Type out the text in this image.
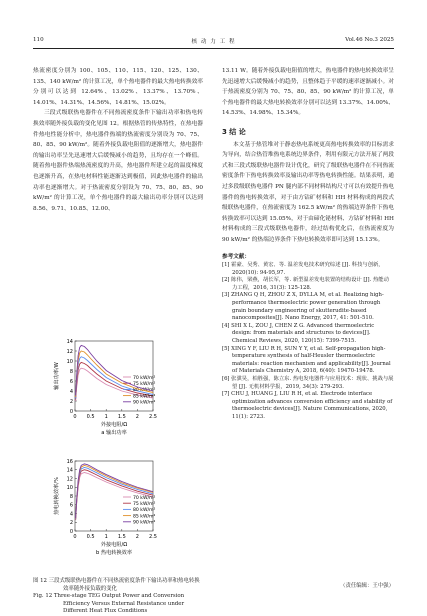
110	核 动 力 工 程	Vol.46 No.3 2025

热流密度分别为 100、105、110、115、120、125、130、135、140 kW/m² 的计算工况，单个热电器件的最大热电转换效率分别可以达到 12.64%、13.02%、13.37%、13.70%、14.01%、14.31%、14.56%、14.81%、15.02%。

三段式级联热电器件在不同热流密度条件下输出功率和热电转换效率随外接负载的变化见图 12。根据热管的传热特性，在热电器件热电性能分析中，热电器件热端的热流密度分别设为 70、75、80、85、90 kW/m²。随着外接负载电阻值的逐渐增大，热电器件的输出功率呈先迅速增大后缓慢减小的趋势，且均存在一个峰值。随着热电器件热端热流密度的升高，热电器件所建立起的温度梯度也逐渐升高，在热电材料性能逐渐达到极值，因此热电器件的输出功率也逐渐增大。对于热流密度分别设为 70、75、80、85、90 kW/m² 的计算工况，单个热电器件的最大输出功率分别可以达到 8.56、9.71、10.85、12.00、

0 0.5 1 1.5 2 2.5
0
2
4
6
8
10
12
14
外接电阻/Ω
输出功率/W
a 输出功率
70 kW/m²
75 kW/m²
80 kW/m²
85 kW/m²
90 kW/m²
0 0.5 1 1.5 2 2.5
0
2
4
6
8
10
12
14
16
外接电阻/Ω
热电转换效率/%
b 热电转换效率
70 kW/m²
75 kW/m²
80 kW/m²
85 kW/m²
90 kW/m²
图 12 三段式级联热电器件在不同热流密度条件下输出功率和热电转换效率随外接负载的变化
Fig. 12 Three-stage TEG Output Power and Conversion Efficiency Versus External Resistance under Different Heat Flux Conditions

13.11 W。随着外接负载电阻值的增大，热电器件的热电转换效率呈先迅速增大后缓慢减小的趋势，且整体趋于平缓的速率逐渐减小。对于热流密度分别为 70、75、80、85、90 kW/m² 的计算工况，单个热电器件的最大热电转换效率分别可以达到 13.37%、14.00%、14.53%、14.98%、15.34%。

3 结 论

本文基于热管堆对于静态热电系统更高热电转换效率的目标需求为导向，结合热管堆热电系统边界条件，利用有限元方法开展了两段式和三段式级联热电器件设计优化，研究了级联热电器件在不同热流密度条件下热电转换效率及输出功率等热电转换性能。结果表明，通过多段级联热电器件 PN 腿内部不同材料结构尺寸可以有效提升热电器件的热电转换效率，对于由方钴矿材料和 HH 材料构成的两段式级联热电器件，在热流密度为 162.5 kW/m² 的热端边界条件下热电转换效率可以达到 15.05%，对于由碲化铋材料、方钴矿材料和 HH 材料构成的三段式级联热电器件，经过结构优化后，在热流密度为 90 kW/m² 的热端边界条件下热电转换效率即可达到 15.13%。

参考文献：
[1] 霍豪、吴秀、黄宏、等. 温差发电技术研究综述 [J]. 科技与创新，2020(10): 94-95,97.
[2] 陈伟，梁燕，胡长军，等. 新型温差发电装置的结构设计 [J]. 热能动力工程，2016, 31(3): 125-128.
[3] ZHANG Q H, ZHOU Z X, DYLLA M, et al. Realizing high-performance thermoelectric power generation through grain boundary engineering of skutterudite-based nanocomposites[J]. Nano Energy, 2017, 41: 501-510.
[4] SHI X L, ZOU J, CHEN Z G. Advanced thermoelectric design: from materials and structures to devices[J]. Chemical Reviews, 2020, 120(15): 7399-7515.
[5] XING Y F, LIU R H, SUN Y Y, et al. Self-propagation high-temperature synthesis of half-Heusler thermoelectric materials: reaction mechanism and applicability[J]. Journal of Materials Chemistry A, 2018, 6(40): 19470-19478.
[6] 张骐昊，柏胜强，陈立东. 热电发电器件与应用技术：现状、挑战与展望 [J]. 无机材料学报，2019, 34(3): 279-293.
[7] CHU J, HUANG J, LIU R H, et al. Electrode interface optimization advances conversion efficiency and stability of thermoelectric devices[J]. Nature Communications, 2020, 11(1): 2723.
（责任编辑：王中强）
